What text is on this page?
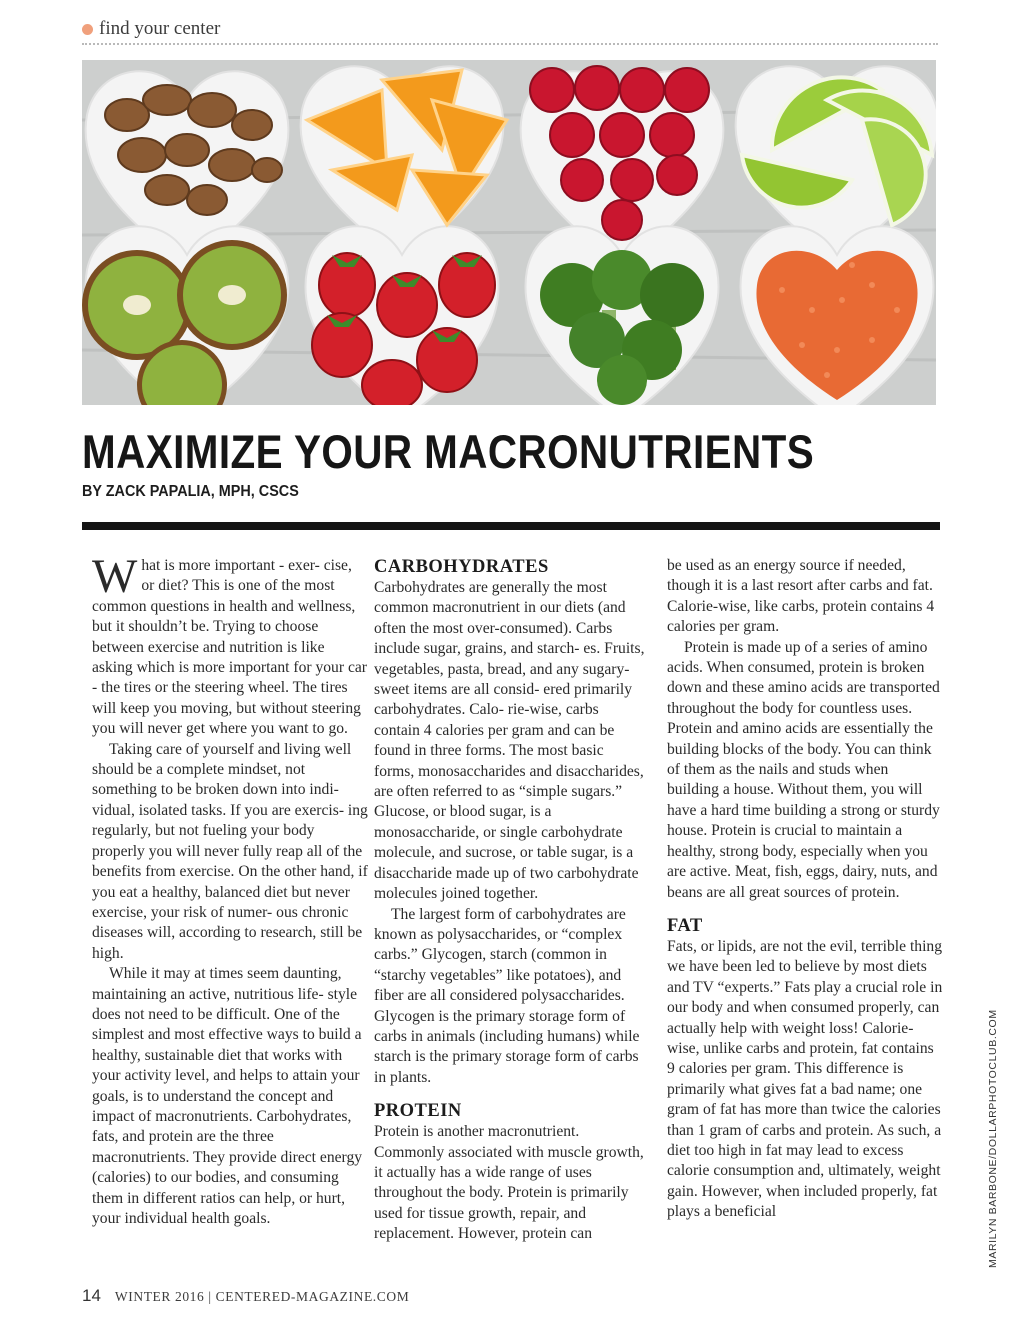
find your center
MAXIMIZE YOUR MACRONUTRIENTS
BY ZACK PAPALIA, MPH, CSCS

What is more important - exer- cise, or diet? This is one of the most common questions in health and wellness, but it shouldn’t be. Trying to choose between exercise and nutrition is like asking which is more important for your car - the tires or the steering wheel. The tires will keep you moving, but without steering you will never get where you want to go.

Taking care of yourself and living well should be a complete mindset, not something to be broken down into indi- vidual, isolated tasks. If you are exercis- ing regularly, but not fueling your body properly you will never fully reap all of the benefits from exercise. On the other hand, if you eat a healthy, balanced diet but never exercise, your risk of numer- ous chronic diseases will, according to research, still be high.

While it may at times seem daunting, maintaining an active, nutritious life- style does not need to be difficult. One of the simplest and most effective ways to build a healthy, sustainable diet that works with your activity level, and helps to attain your goals, is to understand the concept and impact of macronutrients. Carbohydrates, fats, and protein are the three macronutrients. They provide direct energy (calories) to our bodies, and consuming them in different ratios can help, or hurt, your individual health goals.

CARBOHYDRATES

Carbohydrates are generally the most common macronutrient in our diets (and often the most over-consumed). Carbs include sugar, grains, and starch- es. Fruits, vegetables, pasta, bread, and any sugary-sweet items are all consid- ered primarily carbohydrates. Calo- rie-wise, carbs contain 4 calories per gram and can be found in three forms. The most basic forms, monosaccharides and disaccharides, are often referred to as “simple sugars.” Glucose, or blood sugar, is a monosaccharide, or single carbohydrate molecule, and sucrose, or table sugar, is a disaccharide made up of two carbohydrate molecules joined together.

The largest form of carbohydrates are known as polysaccharides, or “complex carbs.” Glycogen, starch (common in “starchy vegetables” like potatoes), and fiber are all considered polysaccharides. Glycogen is the primary storage form of carbs in animals (including humans) while starch is the primary storage form of carbs in plants.

PROTEIN

Protein is another macronutrient. Commonly associated with muscle growth, it actually has a wide range of uses throughout the body. Protein is primarily used for tissue growth, repair, and replacement. However, protein can

be used as an energy source if needed, though it is a last resort after carbs and fat. Calorie-wise, like carbs, protein contains 4 calories per gram.

Protein is made up of a series of amino acids. When consumed, protein is broken down and these amino acids are transported throughout the body for countless uses. Protein and amino acids are essentially the building blocks of the body. You can think of them as the nails and studs when building a house. Without them, you will have a hard time building a strong or sturdy house. Protein is crucial to maintain a healthy, strong body, especially when you are active. Meat, fish, eggs, dairy, nuts, and beans are all great sources of protein.

FAT

Fats, or lipids, are not the evil, terrible thing we have been led to believe by most diets and TV “experts.” Fats play a crucial role in our body and when consumed properly, can actually help with weight loss! Calorie-wise, unlike carbs and protein, fat contains 9 calories per gram. This difference is primarily what gives fat a bad name; one gram of fat has more than twice the calories than 1 gram of carbs and protein. As such, a diet too high in fat may lead to excess calorie consumption and, ultimately, weight gain. However, when included properly, fat plays a beneficial	MARILYN BARBONE/DOLLARPHOTOCLUB.COM
14 WINTER 2016 | CENTERED-MAGAZINE.COM
